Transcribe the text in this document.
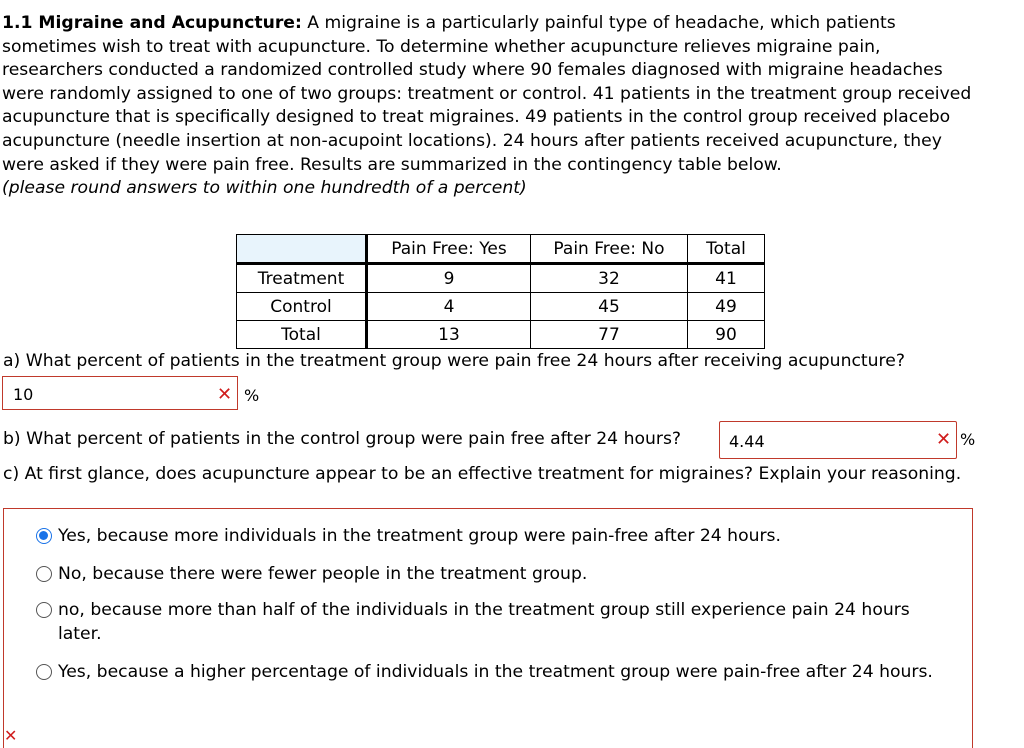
1.1 Migraine and Acupuncture: A migraine is a particularly painful type of headache, which patients sometimes wish to treat with acupuncture. To determine whether acupuncture relieves migraine pain, researchers conducted a randomized controlled study where 90 females diagnosed with migraine headaches were randomly assigned to one of two groups: treatment or control. 41 patients in the treatment group received acupuncture that is specifically designed to treat migraines. 49 patients in the control group received placebo acupuncture (needle insertion at non-acupoint locations). 24 hours after patients received acupuncture, they were asked if they were pain free. Results are summarized in the contingency table below.

(please round answers to within one hundredth of a percent)

	Pain Free: Yes	Pain Free: No	Total
Treatment	9	32	41
Control	4	45	49
Total	13	77	90
a) What percent of patients in the treatment group were pain free 24 hours after receiving acupuncture?
10	✕ %
b) What percent of patients in the control group were pain free after 24 hours?	4.44	✕ %
c) At first glance, does acupuncture appear to be an effective treatment for migraines? Explain your reasoning.
Yes, because more individuals in the treatment group were pain-free after 24 hours.
No, because there were fewer people in the treatment group.
no, because more than half of the individuals in the treatment group still experience pain 24 hours later.
Yes, because a higher percentage of individuals in the treatment group were pain-free after 24 hours.
✕
